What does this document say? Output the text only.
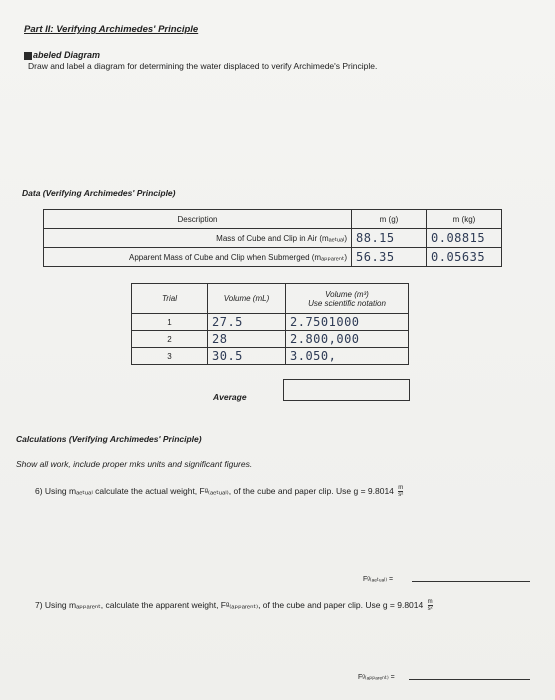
Part II: Verifying Archimedes' Principle
abeled Diagram
Draw and label a diagram for determining the water displaced to verify Archimede's Principle.
Data (Verifying Archimedes' Principle)
Description	m (g)	m (kg)
Mass of Cube and Clip in Air (mₐₑₜᵤₐₗ)	88.15	0.08815
Apparent Mass of Cube and Clip when Submerged (mₐₚₚₐᵣₑₙₜ)	56.35	0.05635
Trial	Volume (mL)	Volume (m³)
Use scientific notation

1	27.5	2.7501000
2	28	2.800,000
3	30.5	3.050,
Average
Calculations (Verifying Archimedes' Principle)
Show all work, include proper mks units and significant figures.
6) Using mₐₑₜᵤₐₗ calculate the actual weight, Fᵍ₍ₐₑₜᵤₐₗ₎, of the cube and paper clip. Use $g = 9.8014 \frac{m}{\text{s²}}$
Fᵍ₍ₐₑₜᵤₐₗ₎ =
7) Using mₐₚₚₐᵣₑₙₜ, calculate the apparent weight, Fᵍ₍ₐₚₚₐᵣₑₙₜ₎, of the cube and paper clip. Use $g = 9.8014 \frac{m}{\text{s²}}$
Fᵍ₍ₐₚₚₐᵣₑₙₜ₎ =
